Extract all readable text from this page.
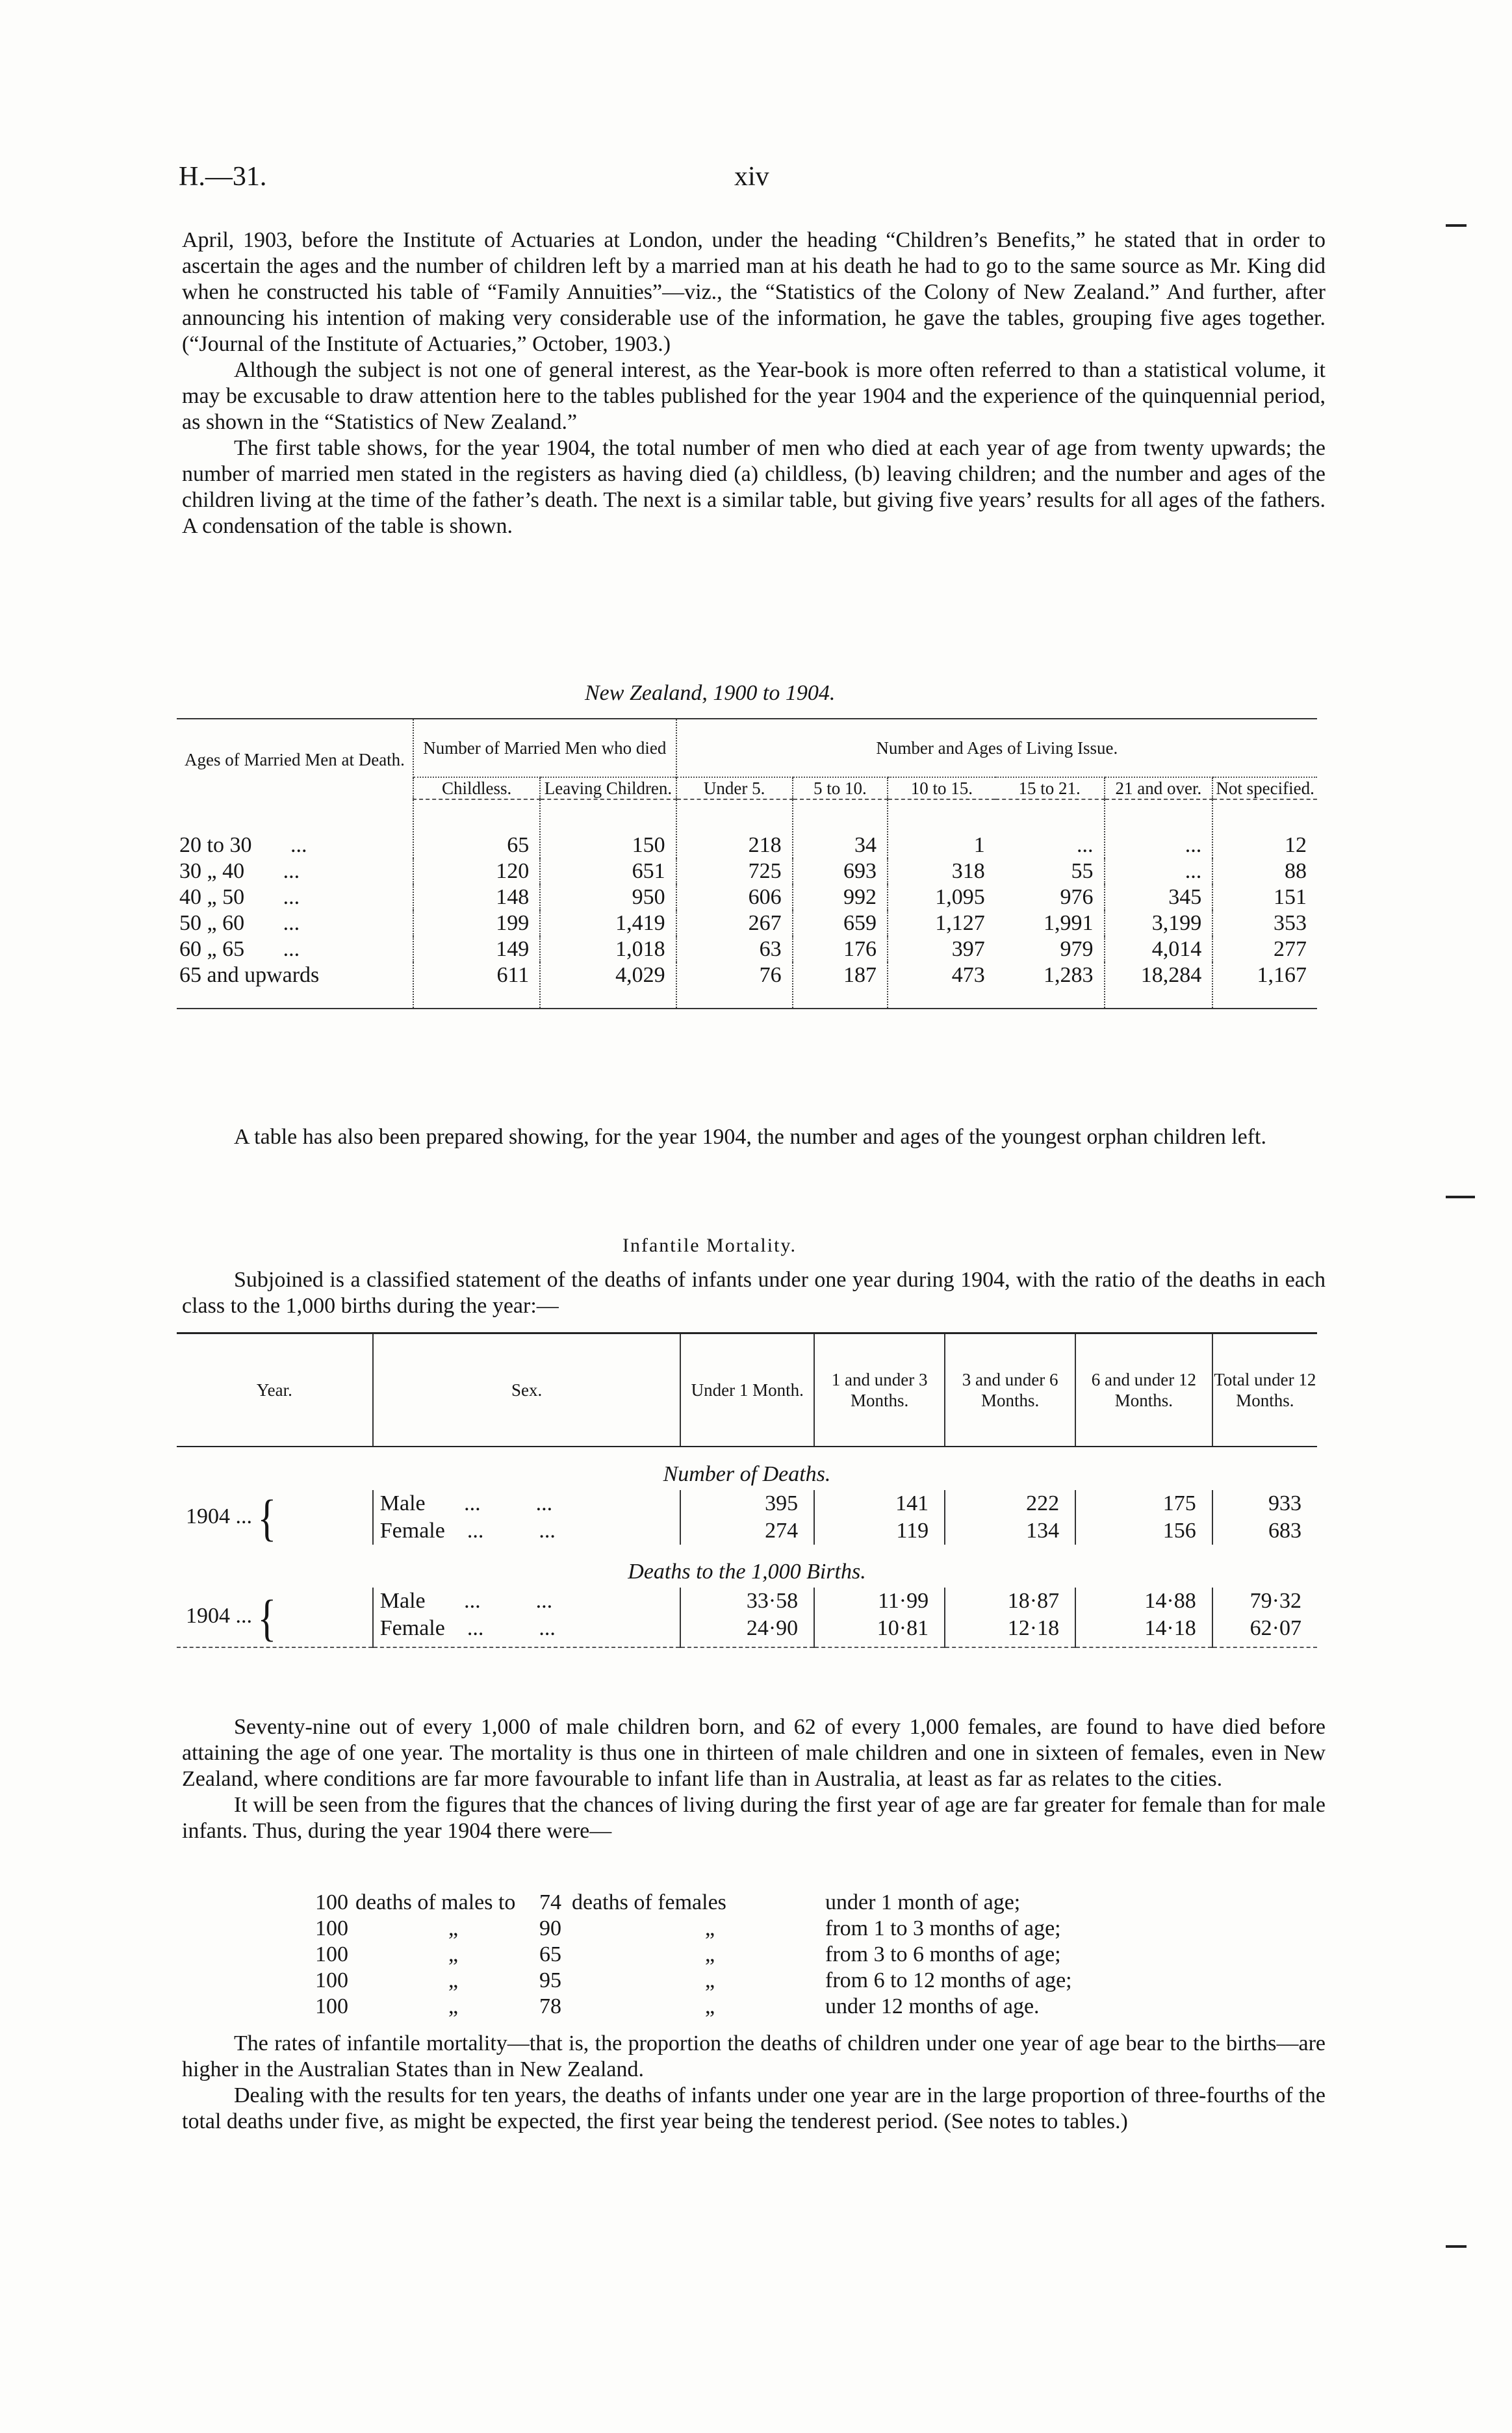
H.—31.	xiv

April, 1903, before the Institute of Actuaries at London, under the heading “Children’s Benefits,” he stated that in order to ascertain the ages and the number of children left by a married man at his death he had to go to the same source as Mr. King did when he constructed his table of “Family Annuities”—viz., the “Statistics of the Colony of New Zealand.” And further, after announcing his intention of making very considerable use of the information, he gave the tables, grouping five ages together. (“Journal of the Institute of Actuaries,” October, 1903.)

Although the subject is not one of general interest, as the Year-book is more often referred to than a statistical volume, it may be excusable to draw attention here to the tables published for the year 1904 and the experience of the quinquennial period, as shown in the “Statistics of New Zealand.”

The first table shows, for the year 1904, the total number of men who died at each year of age from twenty upwards; the number of married men stated in the registers as having died (a) childless, (b) leaving children; and the number and ages of the children living at the time of the father’s death. The next is a similar table, but giving five years’ results for all ages of the fathers. A condensation of the table is shown.

New Zealand, 1900 to 1904.
Ages of Married Men at Death.	Number of Married Men who died		Number and Ages of Living Issue.					
	Childless.	Leaving Children.	Under 5.	5 to 10.	10 to 15.	15 to 21.	21 and over.	Not specified.
20 to 30       ...	65	150	218	34	1	...	...	12
30 „ 40       ...	120	651	725	693	318	55	...	88
40 „ 50       ...	148	950	606	992	1,095	976	345	151
50 „ 60       ...	199	1,419	267	659	1,127	1,991	3,199	353
60 „ 65       ...	149	1,018	63	176	397	979	4,014	277
65 and upwards	611	4,029	76	187	473	1,283	18,284	1,167

A table has also been prepared showing, for the year 1904, the number and ages of the youngest orphan children left.

Infantile Mortality.

Subjoined is a classified statement of the deaths of infants under one year during 1904, with the ratio of the deaths in each class to the 1,000 births during the year:—

Year.	Sex.	Under 1 Month.	1 and under 3 Months.	3 and under 6 Months.	6 and under 12 Months.	Total under 12 Months.
Number of Deaths.						
1904 ... {	Male       ...          ...	395	141	222	175	933
	Female    ...          ...	274	119	134	156	683
Deaths to the 1,000 Births.						
1904 ... {	Male       ...          ...	33·58	11·99	18·87	14·88	79·32
	Female    ...          ...	24·90	10·81	12·18	14·18	62·07

Seventy-nine out of every 1,000 of male children born, and 62 of every 1,000 females, are found to have died before attaining the age of one year. The mortality is thus one in thirteen of male children and one in sixteen of females, even in New Zealand, where conditions are far more favourable to infant life than in Australia, at least as far as relates to the cities.

It will be seen from the figures that the chances of living during the first year of age are far greater for female than for male infants. Thus, during the year 1904 there were—

100 deaths of males to 74 deaths of females	under 1 month of age;
100	„	90	„	from 1 to 3 months of age;
100	„	65	„	from 3 to 6 months of age;
100	„	95	„	from 6 to 12 months of age;
100	„	78	„	under 12 months of age.

The rates of infantile mortality—that is, the proportion the deaths of children under one year of age bear to the births—are higher in the Australian States than in New Zealand.

Dealing with the results for ten years, the deaths of infants under one year are in the large proportion of three-fourths of the total deaths under five, as might be expected, the first year being the tenderest period. (See notes to tables.)
